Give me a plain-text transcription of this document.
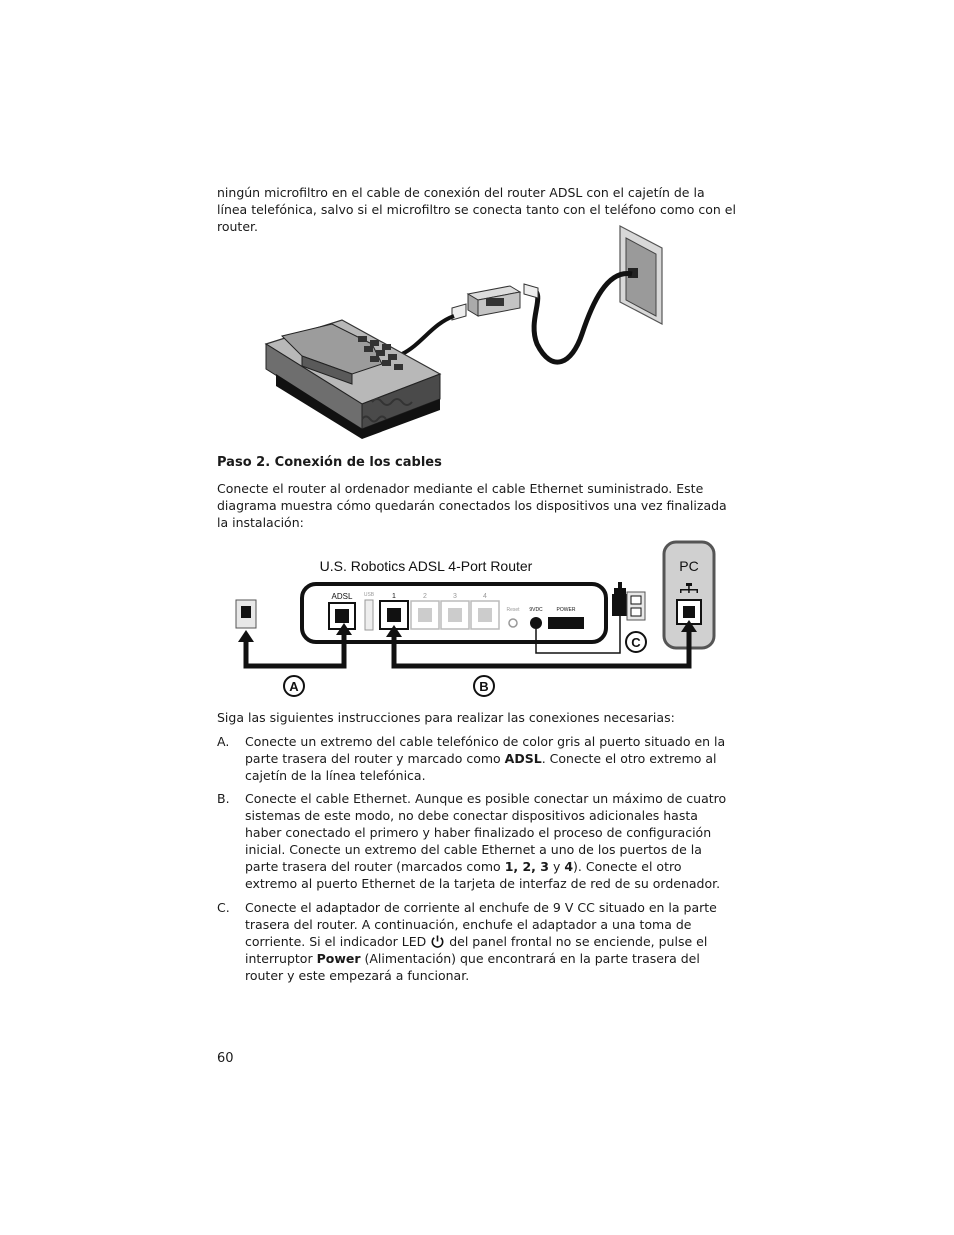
ningún microfiltro en el cable de conexión del router ADSL con el cajetín de la línea telefónica, salvo si el microfiltro se conecta tanto con el teléfono como con el router.

Paso 2. Conexión de los cables

Conecte el router al ordenador mediante el cable Ethernet suministrado. Este diagrama muestra cómo quedarán conectados los dispositivos una vez finalizada la instalación:

PC
U.S. Robotics ADSL 4-Port Router
ADSL USB	1	2	3	4
Reset 9VDC	POWER
A	B
C

Siga las siguientes instrucciones para realizar las conexiones necesarias:

A. Conecte un extremo del cable telefónico de color gris al puerto situado en la parte trasera del router y marcado como ADSL. Conecte el otro extremo al cajetín de la línea telefónica.
B. Conecte el cable Ethernet. Aunque es posible conectar un máximo de cuatro sistemas de este modo, no debe conectar dispositivos adicionales hasta haber conectado el primero y haber finalizado el proceso de configuración inicial. Conecte un extremo del cable Ethernet a uno de los puertos de la parte trasera del router (marcados como 1, 2, 3 y 4). Conecte el otro extremo al puerto Ethernet de la tarjeta de interfaz de red de su ordenador.
C. Conecte el adaptador de corriente al enchufe de 9 V CC situado en la parte trasera del router. A continuación, enchufe el adaptador a una toma de corriente. Si el indicador LED  del panel frontal no se enciende, pulse el interruptor Power (Alimentación) que encontrará en la parte trasera del router y este empezará a funcionar.
60
